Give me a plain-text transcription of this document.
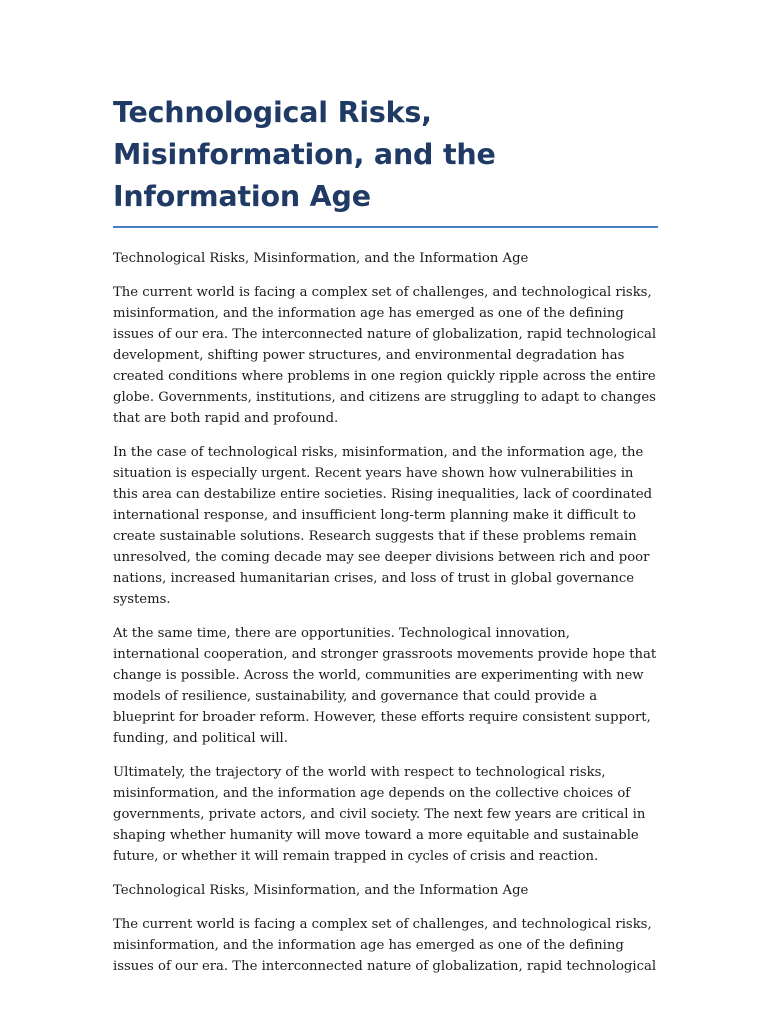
Technological Risks, Misinformation, and the Information Age

Technological Risks, Misinformation, and the Information Age

The current world is facing a complex set of challenges, and technological risks, misinformation, and the information age has emerged as one of the defining issues of our era. The interconnected nature of globalization, rapid technological development, shifting power structures, and environmental degradation has created conditions where problems in one region quickly ripple across the entire globe. Governments, institutions, and citizens are struggling to adapt to changes that are both rapid and profound.

In the case of technological risks, misinformation, and the information age, the situation is especially urgent. Recent years have shown how vulnerabilities in this area can destabilize entire societies. Rising inequalities, lack of coordinated international response, and insufficient long-term planning make it difficult to create sustainable solutions. Research suggests that if these problems remain unresolved, the coming decade may see deeper divisions between rich and poor nations, increased humanitarian crises, and loss of trust in global governance systems.

At the same time, there are opportunities. Technological innovation, international cooperation, and stronger grassroots movements provide hope that change is possible. Across the world, communities are experimenting with new models of resilience, sustainability, and governance that could provide a blueprint for broader reform. However, these efforts require consistent support, funding, and political will.

Ultimately, the trajectory of the world with respect to technological risks, misinformation, and the information age depends on the collective choices of governments, private actors, and civil society. The next few years are critical in shaping whether humanity will move toward a more equitable and sustainable future, or whether it will remain trapped in cycles of crisis and reaction.

Technological Risks, Misinformation, and the Information Age

The current world is facing a complex set of challenges, and technological risks, misinformation, and the information age has emerged as one of the defining issues of our era. The interconnected nature of globalization, rapid technological
